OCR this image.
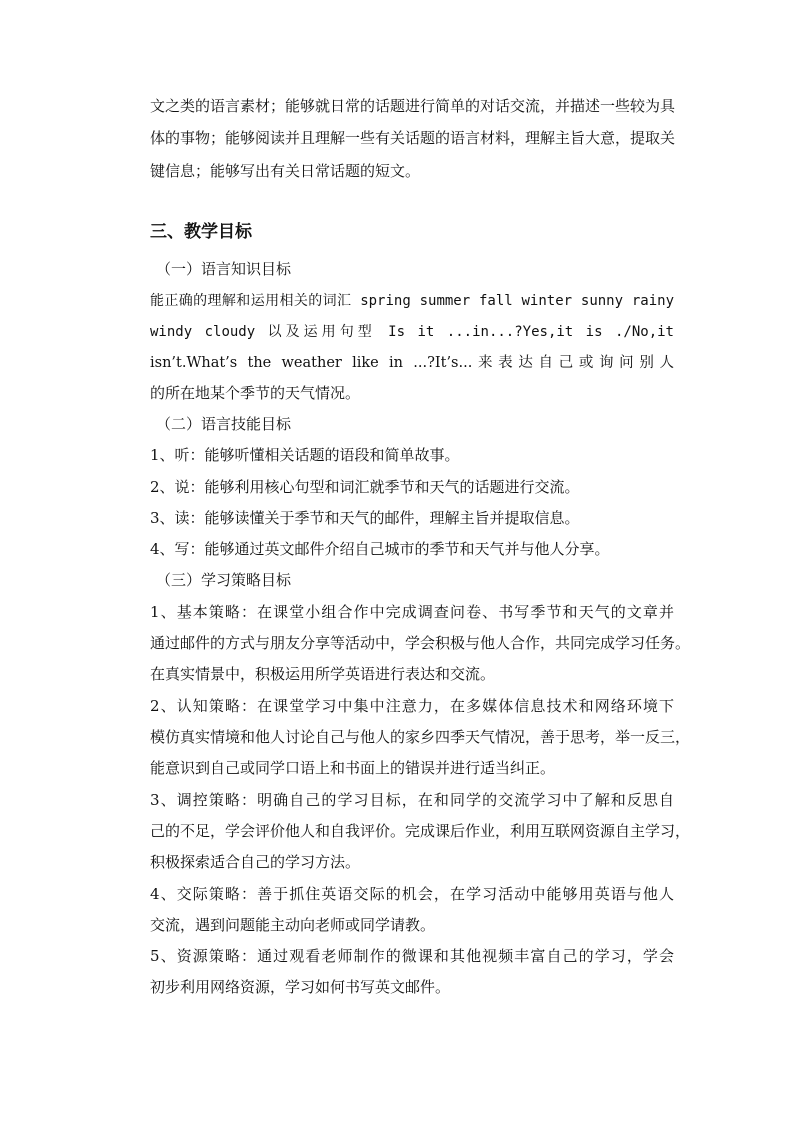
文之类的语言素材；能够就日常的话题进行简单的对话交流，并描述一些较为具
体的事物；能够阅读并且理解一些有关话题的语言材料，理解主旨大意，提取关
键信息；能够写出有关日常话题的短文。
三、教学目标
（一）语言知识目标
能正确的理解和运用相关的词汇 spring summer fall winter sunny rainy
windy cloudy 以及运用句型 Is it ...in...?Yes,it is ./No,it
isn’t.What’s the weather like in ...?It’s...来表达自己或询问别人
的所在地某个季节的天气情况。
（二）语言技能目标
1、听：能够听懂相关话题的语段和简单故事。
2、说：能够利用核心句型和词汇就季节和天气的话题进行交流。
3、读：能够读懂关于季节和天气的邮件，理解主旨并提取信息。
4、写：能够通过英文邮件介绍自己城市的季节和天气并与他人分享。
（三）学习策略目标
1、基本策略：在课堂小组合作中完成调查问卷、书写季节和天气的文章并
通过邮件的方式与朋友分享等活动中，学会积极与他人合作，共同完成学习任务。
在真实情景中，积极运用所学英语进行表达和交流。
2、认知策略：在课堂学习中集中注意力，在多媒体信息技术和网络环境下
模仿真实情境和他人讨论自己与他人的家乡四季天气情况，善于思考，举一反三，
能意识到自己或同学口语上和书面上的错误并进行适当纠正。
3、调控策略：明确自己的学习目标，在和同学的交流学习中了解和反思自
己的不足，学会评价他人和自我评价。完成课后作业，利用互联网资源自主学习，
积极探索适合自己的学习方法。
4、交际策略：善于抓住英语交际的机会，在学习活动中能够用英语与他人
交流，遇到问题能主动向老师或同学请教。
5、资源策略：通过观看老师制作的微课和其他视频丰富自己的学习，学会
初步利用网络资源，学习如何书写英文邮件。
